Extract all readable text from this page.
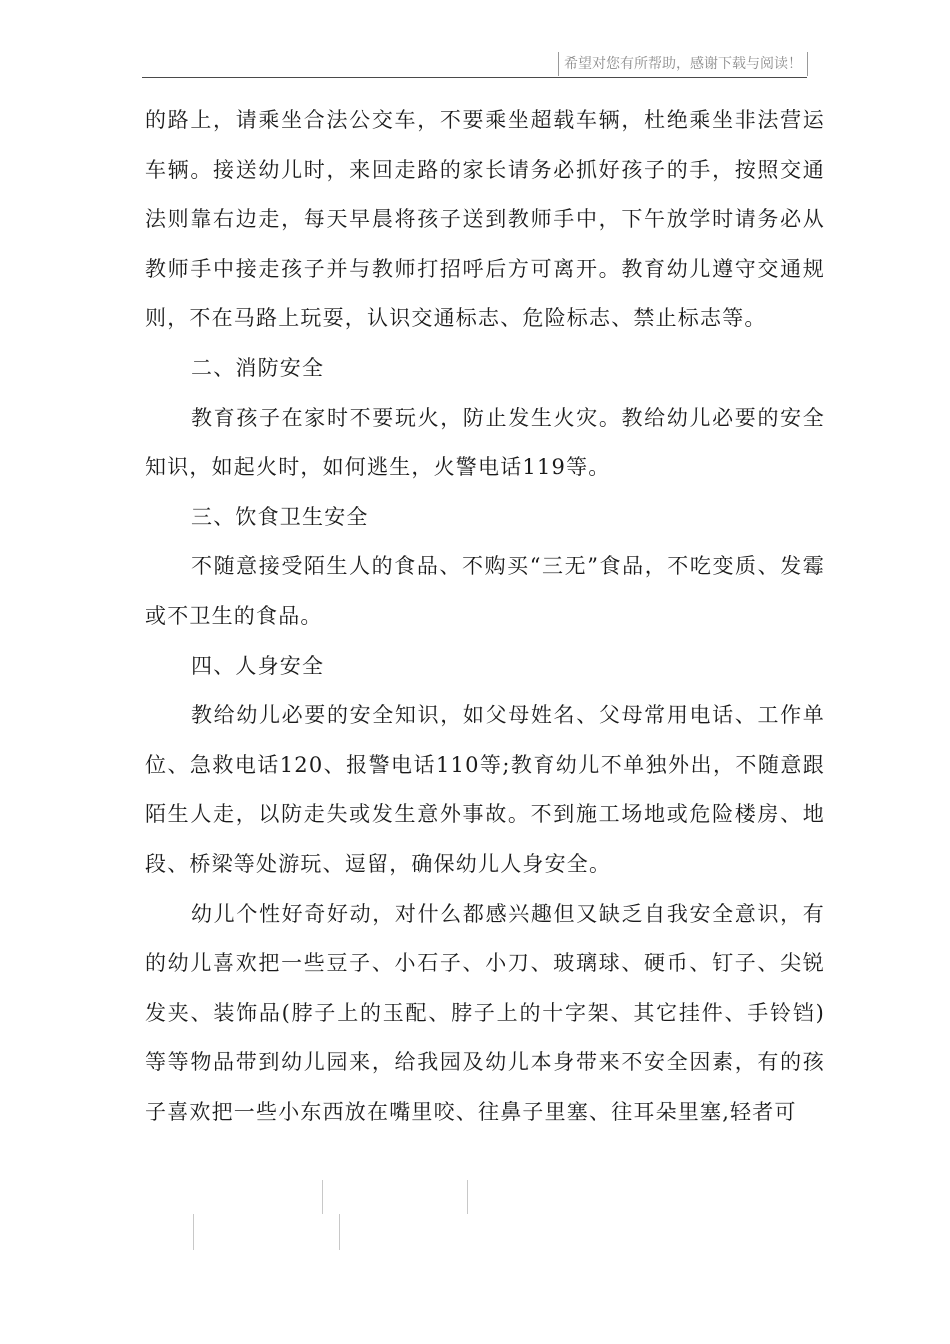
希望对您有所帮助，感谢下载与阅读！

的路上，请乘坐合法公交车，不要乘坐超载车辆，杜绝乘坐非法营运车辆。接送幼儿时，来回走路的家长请务必抓好孩子的手，按照交通法则靠右边走，每天早晨将孩子送到教师手中，下午放学时请务必从教师手中接走孩子并与教师打招呼后方可离开。教育幼儿遵守交通规则，不在马路上玩耍，认识交通标志、危险标志、禁止标志等。

二、消防安全

教育孩子在家时不要玩火，防止发生火灾。教给幼儿必要的安全知识，如起火时，如何逃生，火警电话119等。

三、饮食卫生安全

不随意接受陌生人的食品、不购买“三无”食品，不吃变质、发霉或不卫生的食品。

四、人身安全

教给幼儿必要的安全知识，如父母姓名、父母常用电话、工作单位、急救电话120、报警电话110等;教育幼儿不单独外出，不随意跟陌生人走，以防走失或发生意外事故。不到施工场地或危险楼房、地段、桥梁等处游玩、逗留，确保幼儿人身安全。

幼儿个性好奇好动，对什么都感兴趣但又缺乏自我安全意识，有的幼儿喜欢把一些豆子、小石子、小刀、玻璃球、硬币、钉子、尖锐发夹、装饰品(脖子上的玉配、脖子上的十字架、其它挂件、手铃铛)等等物品带到幼儿园来，给我园及幼儿本身带来不安全因素，有的孩子喜欢把一些小东西放在嘴里咬、往鼻子里塞、往耳朵里塞,轻者可
